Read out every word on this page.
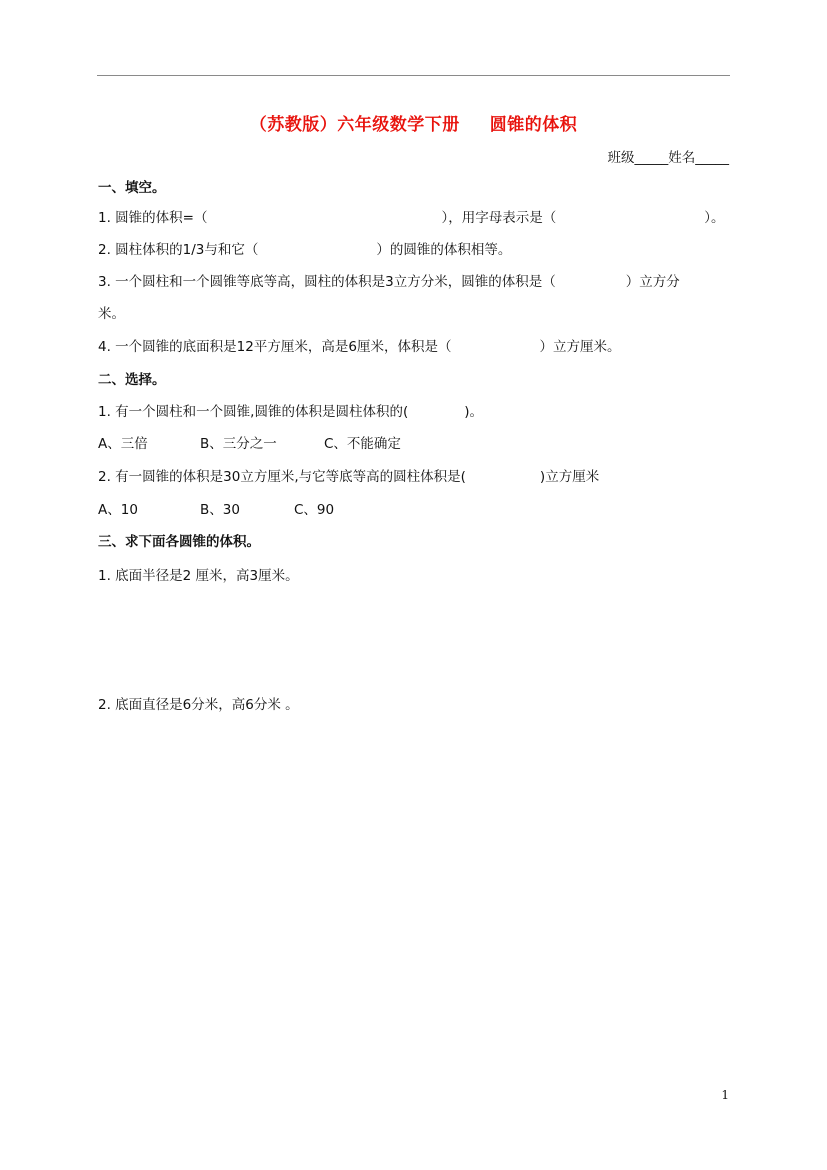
（苏教版）六年级数学下册 圆锥的体积
班级_____姓名_____
一、填空。
1. 圆锥的体积=（	），用字母表示是（	）。
2. 圆柱体积的1/3与和它（	）的圆锥的体积相等。
3. 一个圆柱和一个圆锥等底等高，圆柱的体积是3立方分米，圆锥的体积是（	）立方分
米。
4. 一个圆锥的底面积是12平方厘米，高是6厘米，体积是（	）立方厘米。
二、选择。
1. 有一个圆柱和一个圆锥,圆锥的体积是圆柱体积的(	)。
A、三倍	B、三分之一	C、不能确定
2. 有一圆锥的体积是30立方厘米,与它等底等高的圆柱体积是(	)立方厘米
A、10	B、30	C、90
三、求下面各圆锥的体积。
1. 底面半径是2 厘米，高3厘米。
2. 底面直径是6分米，高6分米 。
1
